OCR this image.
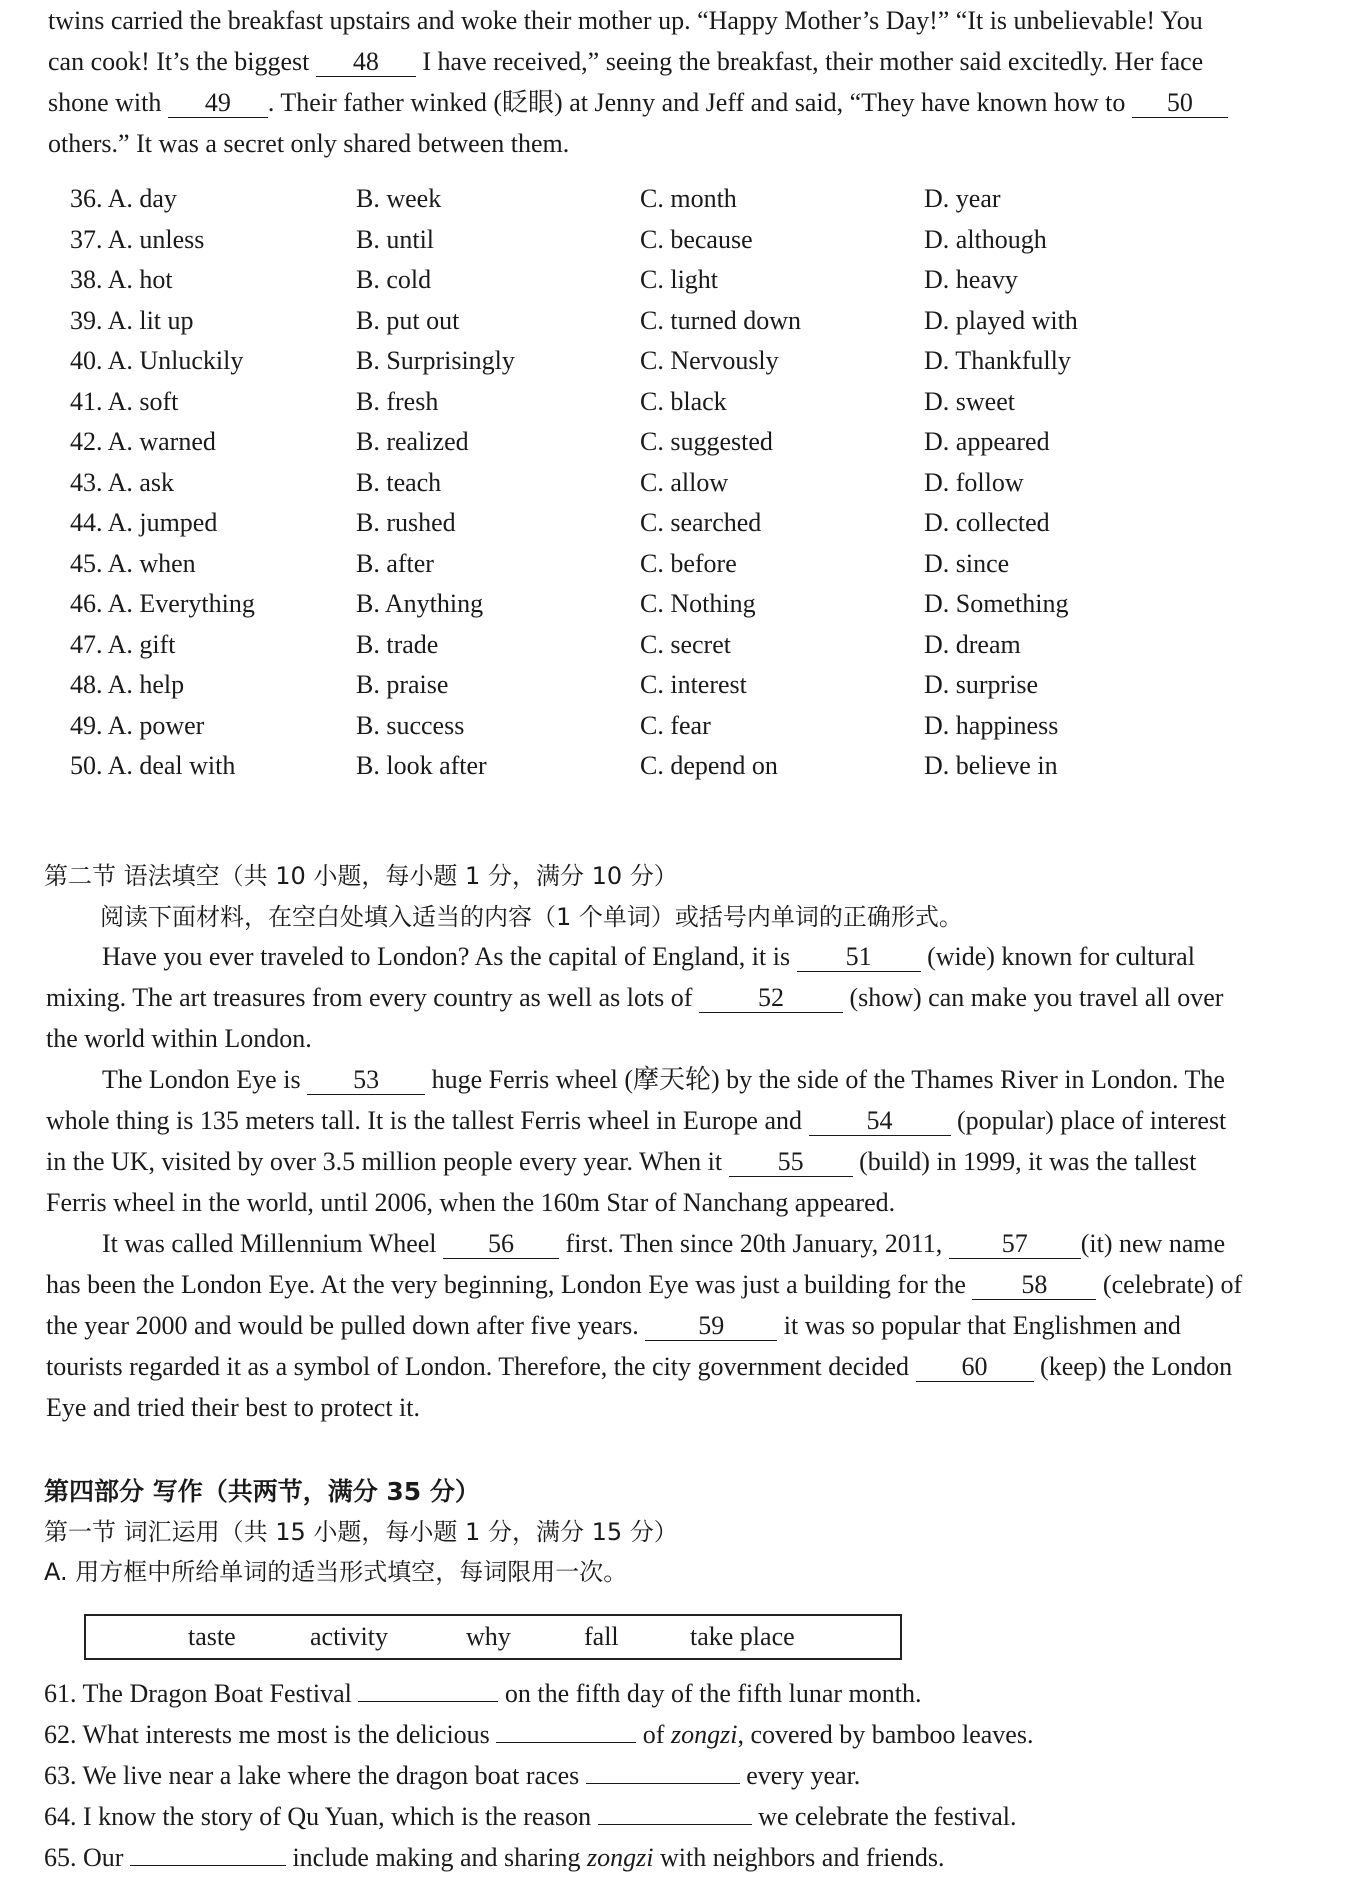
twins carried the breakfast upstairs and woke their mother up. “Happy Mother’s Day!” “It is unbelievable! You
can cook! It’s the biggest 48 I have received,” seeing the breakfast, their mother said excitedly. Her face
shone with 49 . Their father winked (眨眼) at Jenny and Jeff and said, “They have known how to 50
others.” It was a secret only shared between them.
36. A. day	B. week	C. month	D. year
37. A. unless	B. until	C. because	D. although
38. A. hot	B. cold	C. light	D. heavy
39. A. lit up	B. put out	C. turned down	D. played with
40. A. Unluckily	B. Surprisingly	C. Nervously	D. Thankfully
41. A. soft	B. fresh	C. black	D. sweet
42. A. warned	B. realized	C. suggested	D. appeared
43. A. ask	B. teach	C. allow	D. follow
44. A. jumped	B. rushed	C. searched	D. collected
45. A. when	B. after	C. before	D. since
46. A. Everything	B. Anything	C. Nothing	D. Something
47. A. gift	B. trade	C. secret	D. dream
48. A. help	B. praise	C. interest	D. surprise
49. A. power	B. success	C. fear	D. happiness
50. A. deal with	B. look after	C. depend on	D. believe in
第二节 语法填空（共 10 小题，每小题 1 分，满分 10 分）
阅读下面材料，在空白处填入适当的内容（1 个单词）或括号内单词的正确形式。
Have you ever traveled to London? As the capital of England, it is 51 (wide) known for cultural
mixing. The art treasures from every country as well as lots of 52 (show) can make you travel all over
the world within London.
The London Eye is 53 huge Ferris wheel (摩天轮) by the side of the Thames River in London. The
whole thing is 135 meters tall. It is the tallest Ferris wheel in Europe and 54 (popular) place of interest
in the UK, visited by over 3.5 million people every year. When it 55 (build) in 1999, it was the tallest
Ferris wheel in the world, until 2006, when the 160m Star of Nanchang appeared.
It was called Millennium Wheel 56 first. Then since 20th January, 2011, 57 (it) new name
has been the London Eye. At the very beginning, London Eye was just a building for the 58 (celebrate) of
the year 2000 and would be pulled down after five years. 59 it was so popular that Englishmen and
tourists regarded it as a symbol of London. Therefore, the city government decided 60 (keep) the London
Eye and tried their best to protect it.
第四部分 写作（共两节，满分 35 分）
第一节 词汇运用（共 15 小题，每小题 1 分，满分 15 分）
A. 用方框中所给单词的适当形式填空，每词限用一次。
taste	activity	why	fall	take place
61. The Dragon Boat Festival	on the fifth day of the fifth lunar month.
62. What interests me most is the delicious	of zongzi, covered by bamboo leaves.
63. We live near a lake where the dragon boat races	every year.
64. I know the story of Qu Yuan, which is the reason	we celebrate the festival.
65. Our	include making and sharing zongzi with neighbors and friends.
